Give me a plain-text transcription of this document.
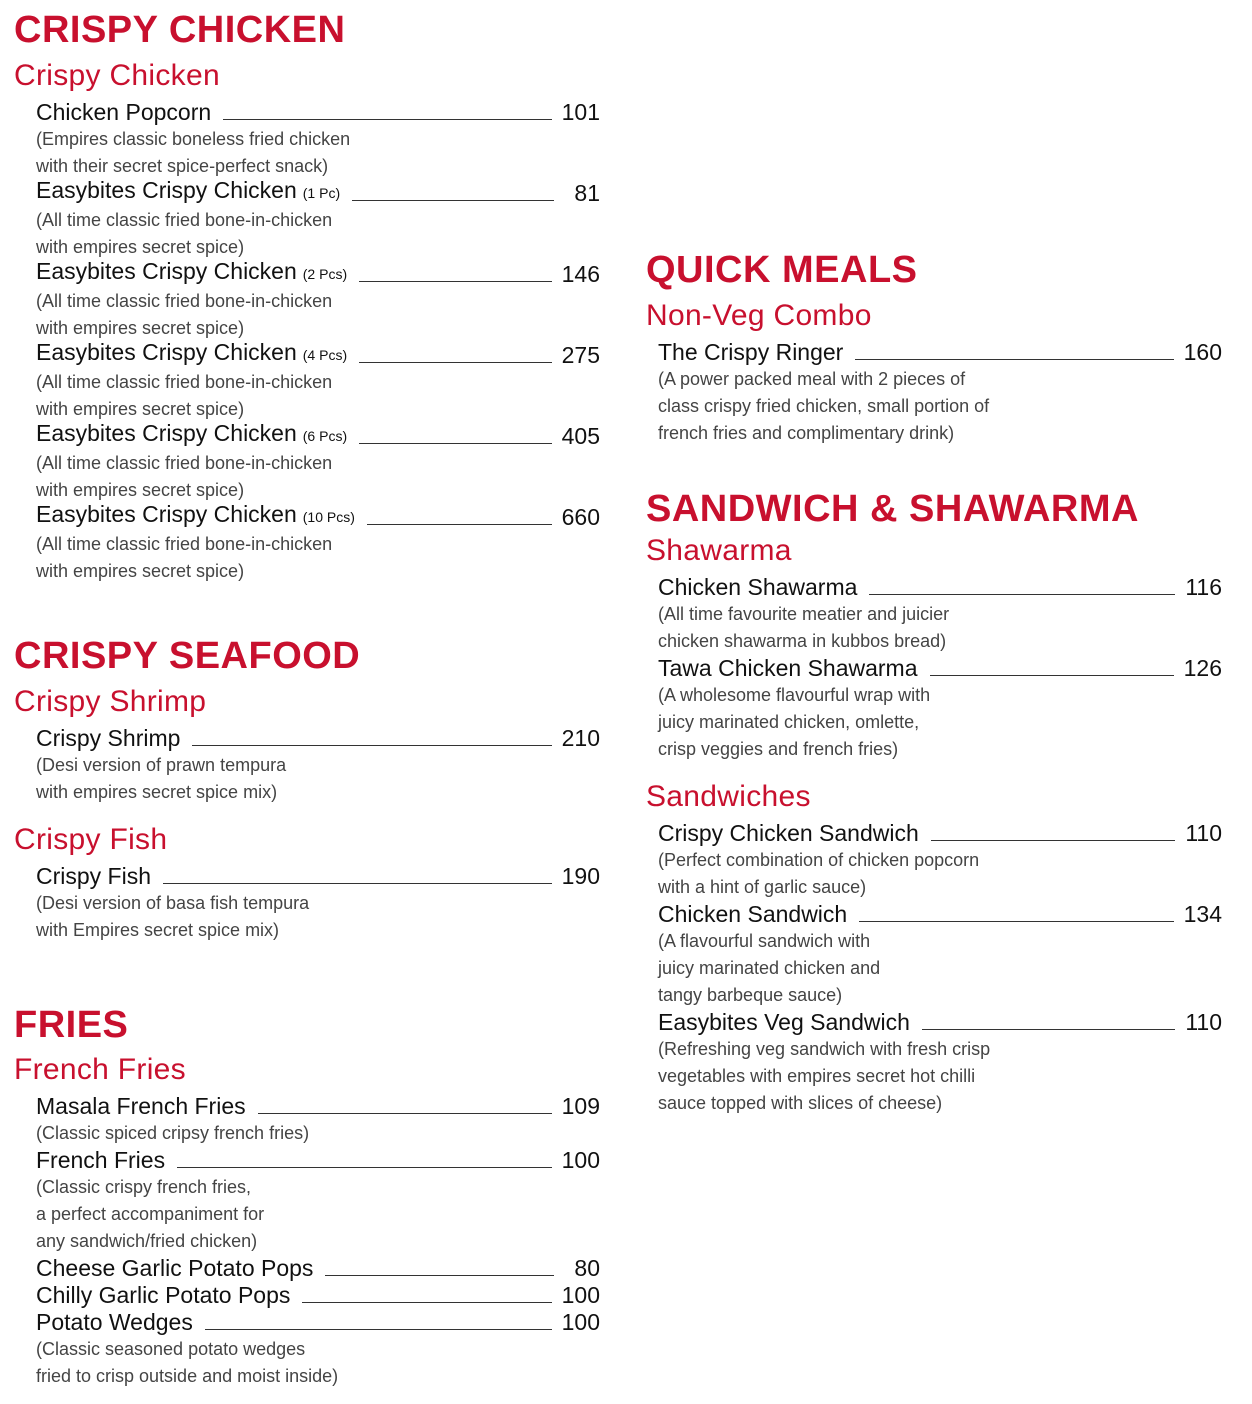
CRISPY CHICKEN
Crispy Chicken
Chicken Popcorn	101
(Empires classic boneless fried chicken
with their secret spice-perfect snack)
Easybites Crispy Chicken (1 Pc)	81
(All time classic fried bone-in-chicken
with empires secret spice)
Easybites Crispy Chicken (2 Pcs)	146
(All time classic fried bone-in-chicken
with empires secret spice)
Easybites Crispy Chicken (4 Pcs)	275
(All time classic fried bone-in-chicken
with empires secret spice)
Easybites Crispy Chicken (6 Pcs)	405
(All time classic fried bone-in-chicken
with empires secret spice)
Easybites Crispy Chicken (10 Pcs)	660
(All time classic fried bone-in-chicken
with empires secret spice)
CRISPY SEAFOOD
Crispy Shrimp
Crispy Shrimp	210
(Desi version of prawn tempura
with empires secret spice mix)
Crispy Fish
Crispy Fish	190
(Desi version of basa fish tempura
with Empires secret spice mix)
FRIES
French Fries
Masala French Fries	109
(Classic spiced cripsy french fries)
French Fries	100
(Classic crispy french fries,
a perfect accompaniment for
any sandwich/fried chicken)
Cheese Garlic Potato Pops	80
Chilly Garlic Potato Pops	100
Potato Wedges	100
(Classic seasoned potato wedges
fried to crisp outside and moist inside)
QUICK MEALS
Non-Veg Combo
The Crispy Ringer	160
(A power packed meal with 2 pieces of
class crispy fried chicken, small portion of
french fries and complimentary drink)
SANDWICH & SHAWARMA
Shawarma
Chicken Shawarma	116
(All time favourite meatier and juicier
chicken shawarma in kubbos bread)
Tawa Chicken Shawarma	126
(A wholesome flavourful wrap with
juicy marinated chicken, omlette,
crisp veggies and french fries)
Sandwiches
Crispy Chicken Sandwich	110
(Perfect combination of chicken popcorn
with a hint of garlic sauce)
Chicken Sandwich	134
(A flavourful sandwich with
juicy marinated chicken and
tangy barbeque sauce)
Easybites Veg Sandwich	110
(Refreshing veg sandwich with fresh crisp
vegetables with empires secret hot chilli
sauce topped with slices of cheese)
